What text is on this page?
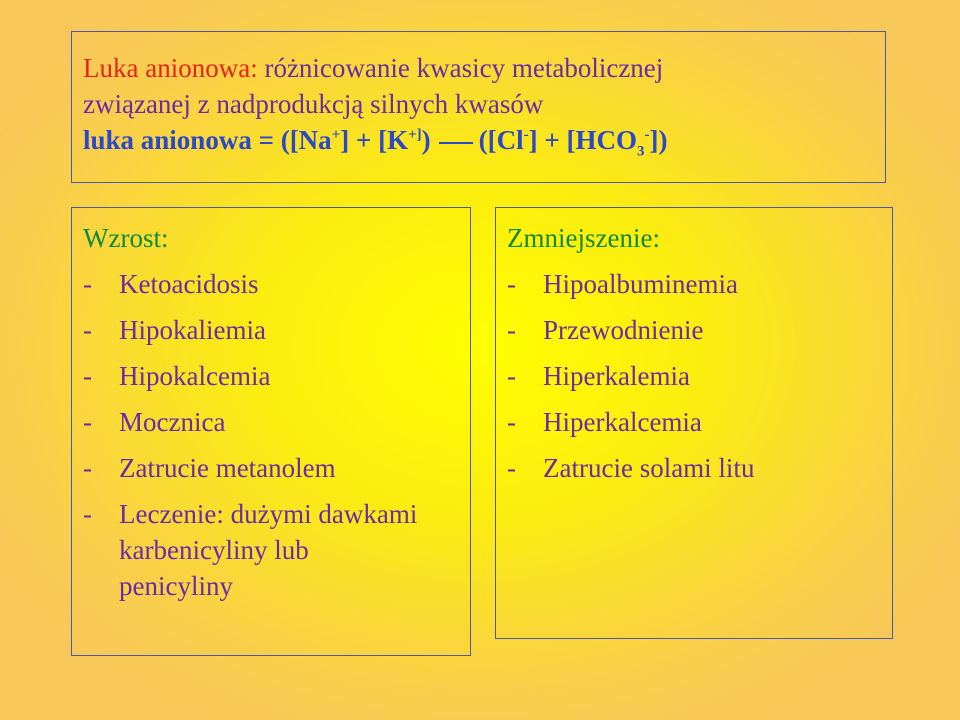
Luka anionowa: różnicowanie kwasicy metabolicznej
związanej z nadprodukcją silnych kwasów
luka anionowa = ([Na+] + [K+]) $([Cl^-] + [HCO_3^-])$
Wzrost:
-	Ketoacidosis
-	Hipokaliemia
-	Hipokalcemia
-	Mocznica
-	Zatrucie metanolem
-	Leczenie: dużymi dawkami karbenicyliny lub penicyliny
Zmniejszenie:
-	Hipoalbuminemia
-	Przewodnienie
-	Hiperkalemia
-	Hiperkalcemia
-	Zatrucie solami litu
